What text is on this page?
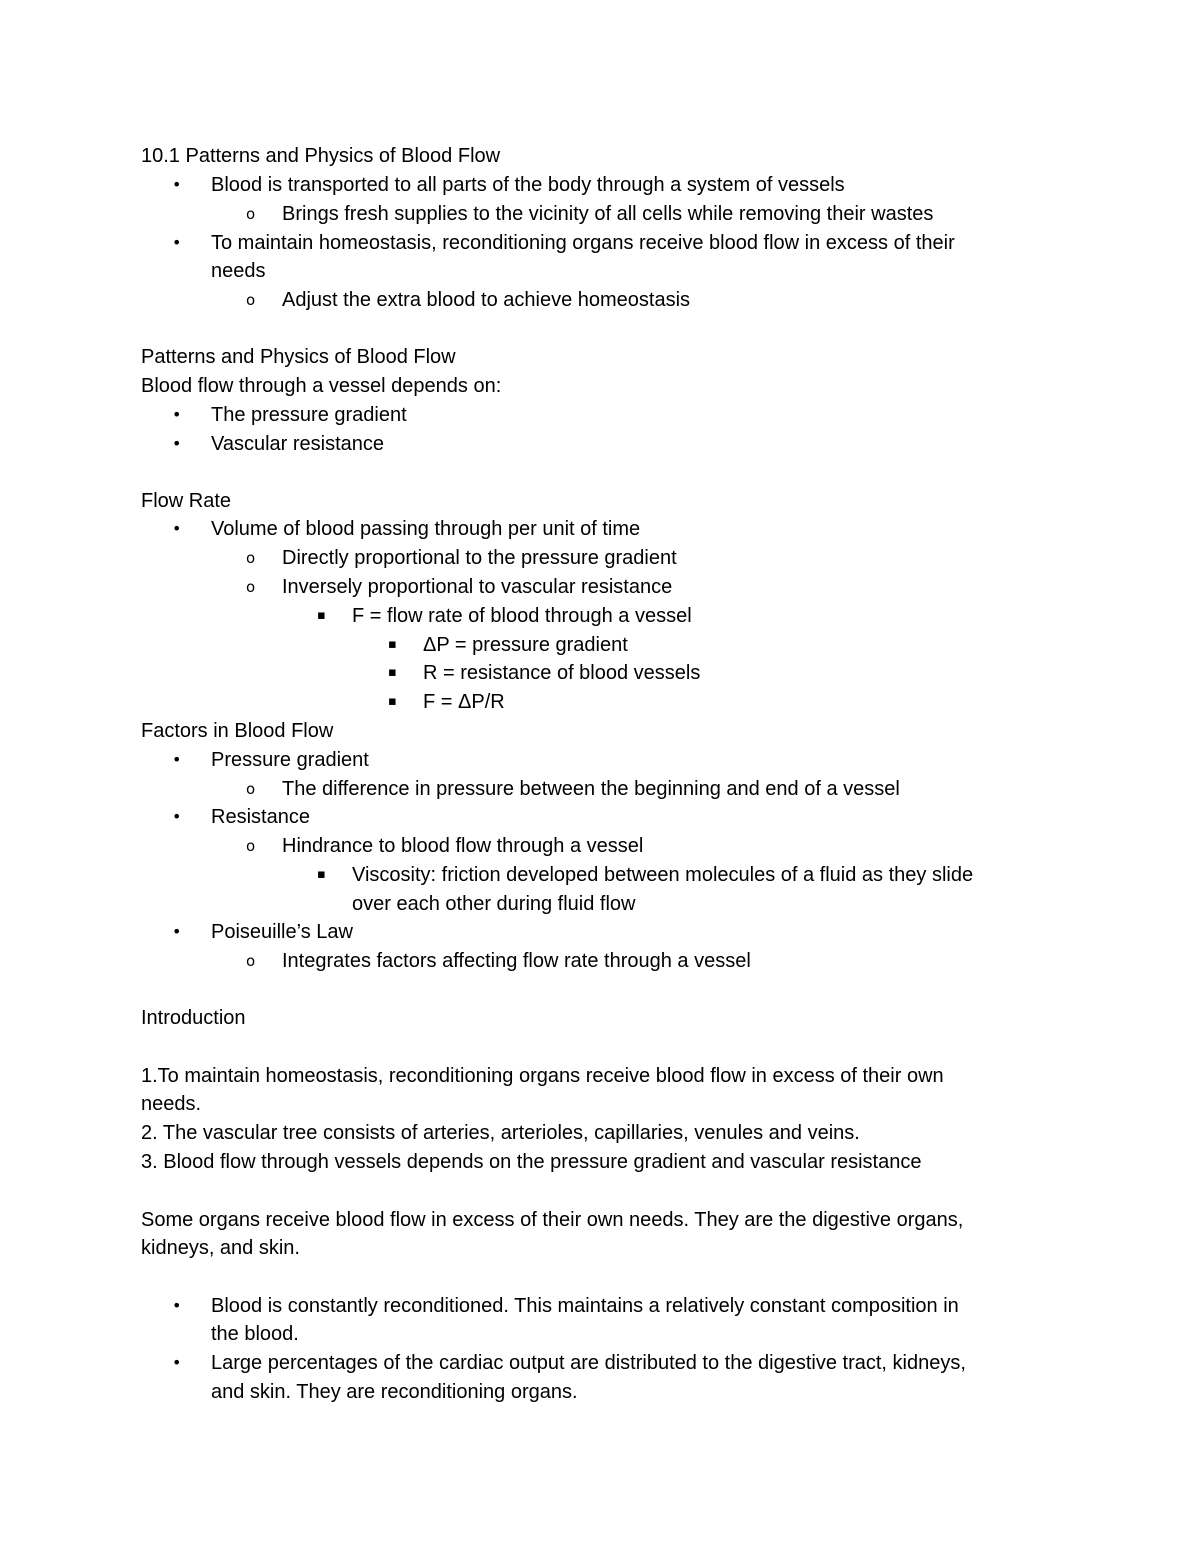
10.1 Patterns and Physics of Blood Flow
• Blood is transported to all parts of the body through a system of vessels
o Brings fresh supplies to the vicinity of all cells while removing their wastes
• To maintain homeostasis, reconditioning organs receive blood flow in excess of their
needs
o Adjust the extra blood to achieve homeostasis
Patterns and Physics of Blood Flow
Blood flow through a vessel depends on:
• The pressure gradient
• Vascular resistance
Flow Rate
• Volume of blood passing through per unit of time
o Directly proportional to the pressure gradient
o Inversely proportional to vascular resistance
▪ F = flow rate of blood through a vessel
▪ ΔP = pressure gradient
▪ R = resistance of blood vessels
▪ F = ΔP/R
Factors in Blood Flow
• Pressure gradient
o The difference in pressure between the beginning and end of a vessel
• Resistance
o Hindrance to blood flow through a vessel
▪ Viscosity: friction developed between molecules of a fluid as they slide
over each other during fluid flow
• Poiseuille’s Law
o Integrates factors affecting flow rate through a vessel
Introduction
1.To maintain homeostasis, reconditioning organs receive blood flow in excess of their own
needs.
2. The vascular tree consists of arteries, arterioles, capillaries, venules and veins.
3. Blood flow through vessels depends on the pressure gradient and vascular resistance
Some organs receive blood flow in excess of their own needs. They are the digestive organs,
kidneys, and skin.
• Blood is constantly reconditioned. This maintains a relatively constant composition in
the blood.
• Large percentages of the cardiac output are distributed to the digestive tract, kidneys,
and skin. They are reconditioning organs.
